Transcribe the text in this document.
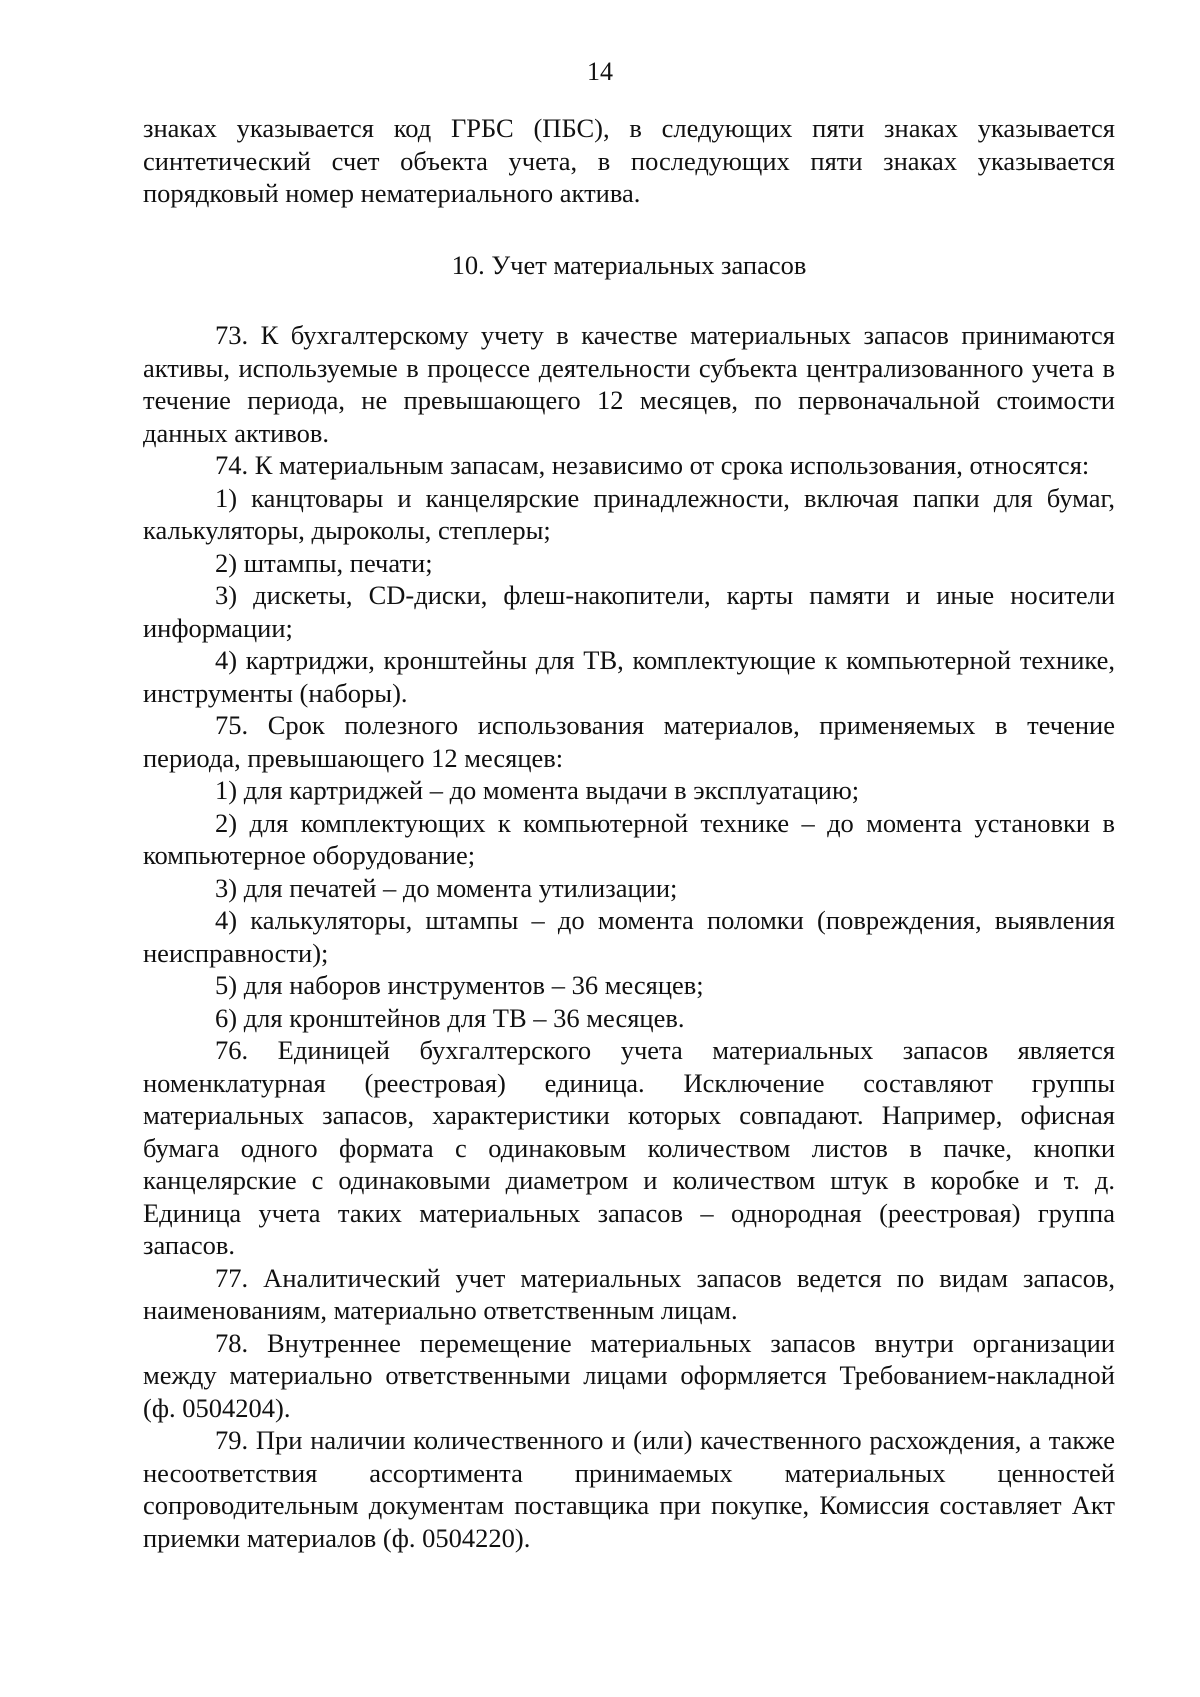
14

знаках указывается код ГРБС (ПБС), в следующих пяти знаках указывается синтетический счет объекта учета, в последующих пяти знаках указывается порядковый номер нематериального актива.

10. Учет материальных запасов

73. К бухгалтерскому учету в качестве материальных запасов принимаются активы, используемые в процессе деятельности субъекта централизованного учета в течение периода, не превышающего 12 месяцев, по первоначальной стоимости данных активов.

74. К материальным запасам, независимо от срока использования, относятся:

1) канцтовары и канцелярские принадлежности, включая папки для бумаг, калькуляторы, дыроколы, степлеры;

2) штампы, печати;

3) дискеты, CD-диски, флеш-накопители, карты памяти и иные носители информации;

4) картриджи, кронштейны для ТВ, комплектующие к компьютерной технике, инструменты (наборы).

75. Срок полезного использования материалов, применяемых в течение периода, превышающего 12 месяцев:

1) для картриджей – до момента выдачи в эксплуатацию;

2) для комплектующих к компьютерной технике – до момента установки в компьютерное оборудование;

3) для печатей – до момента утилизации;

4) калькуляторы, штампы – до момента поломки (повреждения, выявления неисправности);

5) для наборов инструментов – 36 месяцев;

6) для кронштейнов для ТВ – 36 месяцев.

76. Единицей бухгалтерского учета материальных запасов является номенклатурная (реестровая) единица. Исключение составляют группы материальных запасов, характеристики которых совпадают. Например, офисная бумага одного формата с одинаковым количеством листов в пачке, кнопки канцелярские с одинаковыми диаметром и количеством штук в коробке и т. д. Единица учета таких материальных запасов – однородная (реестровая) группа запасов.

77. Аналитический учет материальных запасов ведется по видам запасов, наименованиям, материально ответственным лицам.

78. Внутреннее перемещение материальных запасов внутри организации между материально ответственными лицами оформляется Требованием-накладной (ф. 0504204).

79. При наличии количественного и (или) качественного расхождения, а также несоответствия ассортимента принимаемых материальных ценностей сопроводительным документам поставщика при покупке, Комиссия составляет Акт приемки материалов (ф. 0504220).
